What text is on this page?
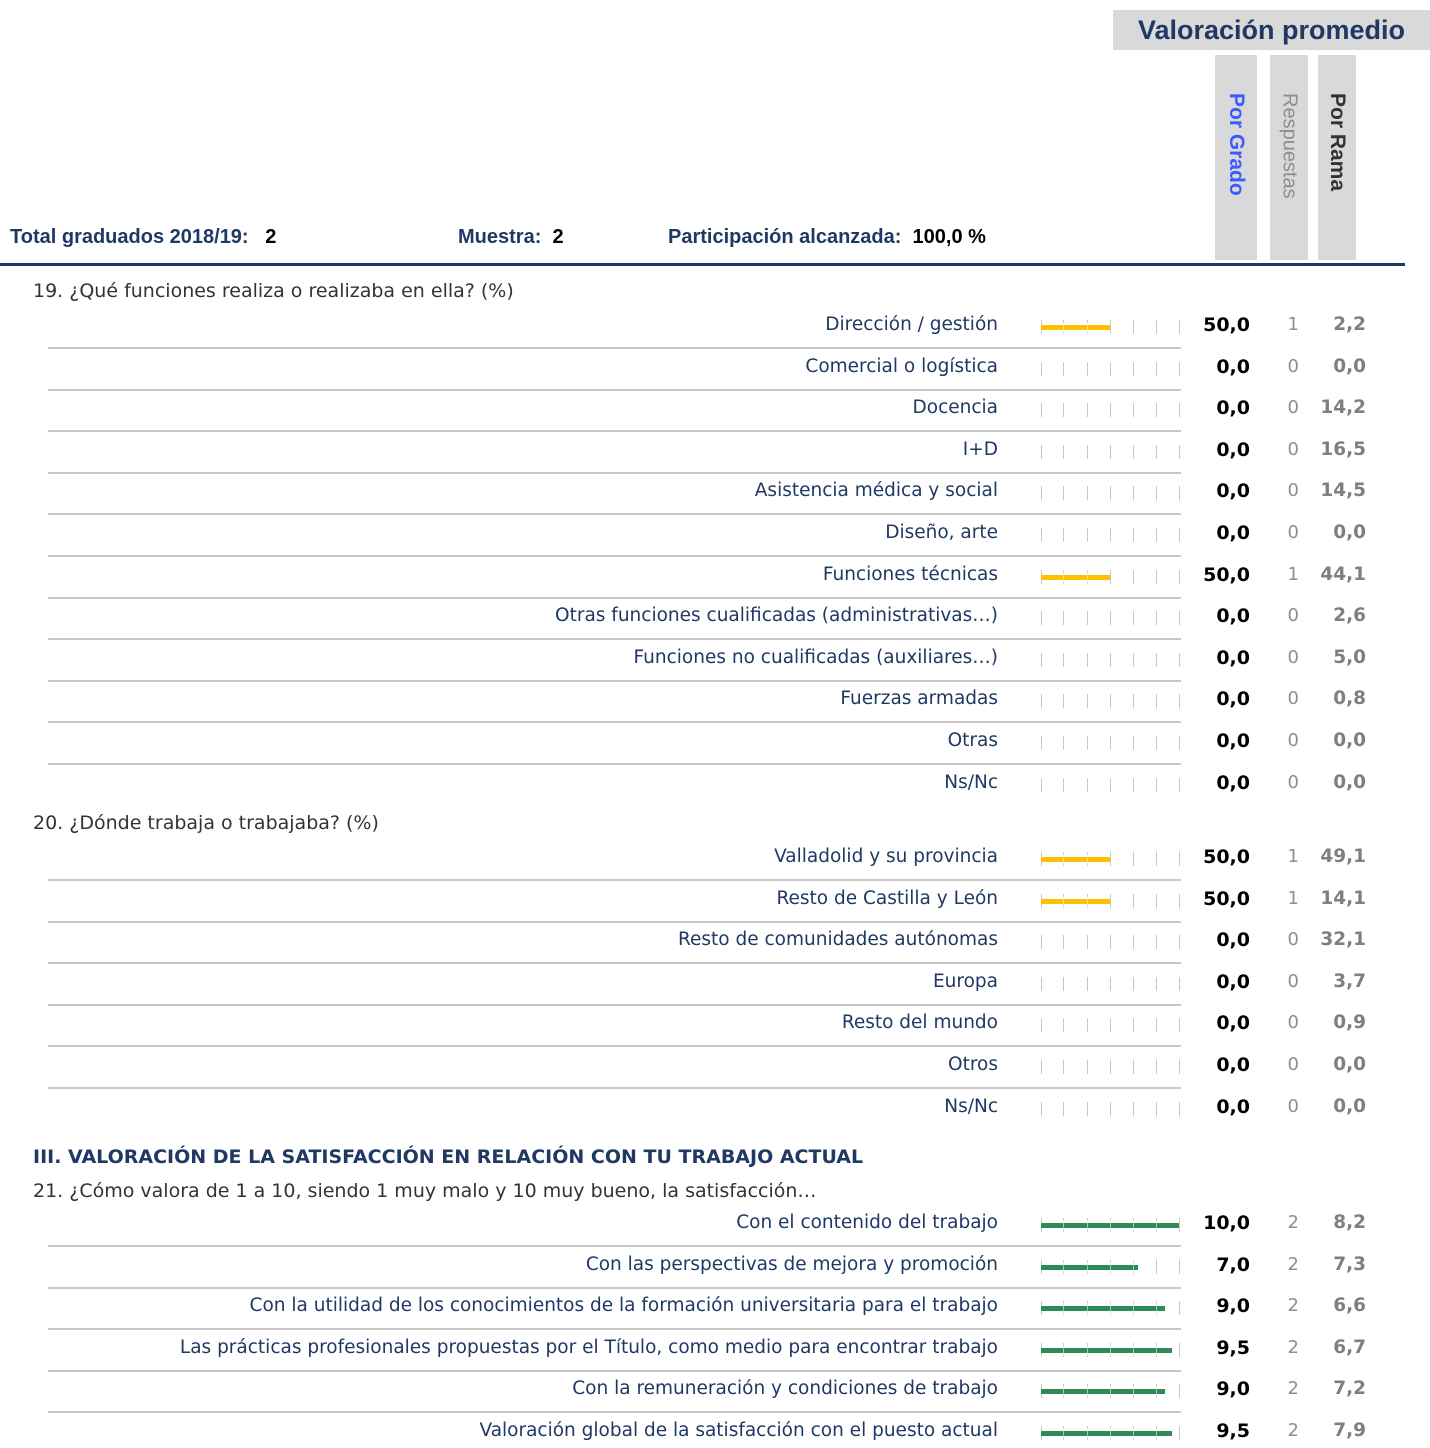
Valoración promedio
Por Grado Respuestas Por Rama
Total graduados 2018/19: 2	Muestra: 2	Participación alcanzada: 100,0 %
19. ¿Qué funciones realiza o realizaba en ella? (%)
Dirección / gestión	50,0	1	2,2
Comercial o logística	0,0	0	0,0
Docencia	0,0	0	14,2
I+D	0,0	0	16,5
Asistencia médica y social	0,0	0	14,5
Diseño, arte	0,0	0	0,0
Funciones técnicas	50,0	1	44,1
Otras funciones cualificadas (administrativas…)	0,0	0	2,6
Funciones no cualificadas (auxiliares…)	0,0	0	5,0
Fuerzas armadas	0,0	0	0,8
Otras	0,0	0	0,0
Ns/Nc	0,0	0	0,0
20. ¿Dónde trabaja o trabajaba? (%)
Valladolid y su provincia	50,0	1	49,1
Resto de Castilla y León	50,0	1	14,1
Resto de comunidades autónomas	0,0	0	32,1
Europa	0,0	0	3,7
Resto del mundo	0,0	0	0,9
Otros	0,0	0	0,0
Ns/Nc	0,0	0	0,0
III. VALORACIÓN DE LA SATISFACCIÓN EN RELACIÓN CON TU TRABAJO ACTUAL
21. ¿Cómo valora de 1 a 10, siendo 1 muy malo y 10 muy bueno, la satisfacción…
Con el contenido del trabajo	10,0	2	8,2
Con las perspectivas de mejora y promoción	7,0	2	7,3
Con la utilidad de los conocimientos de la formación universitaria para el trabajo	9,0	2	6,6
Las prácticas profesionales propuestas por el Título, como medio para encontrar trabajo	9,5	2	6,7
Con la remuneración y condiciones de trabajo	9,0	2	7,2
Valoración global de la satisfacción con el puesto actual	9,5	2	7,9
